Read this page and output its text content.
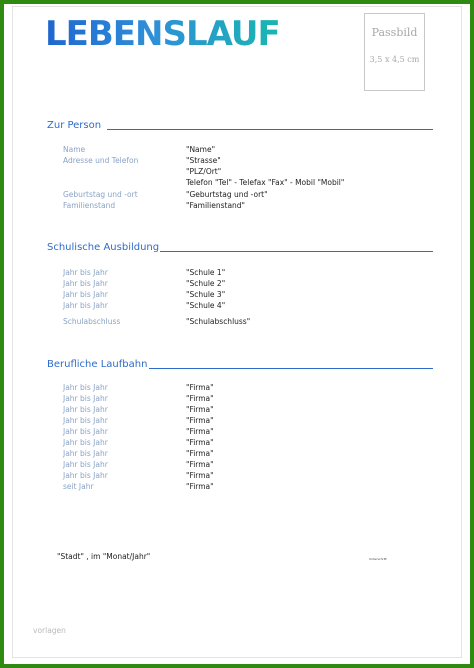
LEBENSLAUF	Passbild
3,5 x 4,5 cm
Zur Person
Name	"Name"
Adresse und Telefon	"Strasse"
"PLZ/Ort"
Telefon "Tel" - Telefax "Fax" - Mobil "Mobil"
Geburtstag und -ort	"Geburtstag und -ort"
Familienstand	"Familienstand"
Schulische Ausbildung
Jahr bis Jahr	"Schule 1"
Jahr bis Jahr	"Schule 2"
Jahr bis Jahr	"Schule 3"
Jahr bis Jahr	"Schule 4"
Schulabschluss	"Schulabschluss"
Berufliche Laufbahn
Jahr bis Jahr	"Firma"
Jahr bis Jahr	"Firma"
Jahr bis Jahr	"Firma"
Jahr bis Jahr	"Firma"
Jahr bis Jahr	"Firma"
Jahr bis Jahr	"Firma"
Jahr bis Jahr	"Firma"
Jahr bis Jahr	"Firma"
Jahr bis Jahr	"Firma"
seit Jahr	"Firma"
"Stadt" , im "Monat/Jahr"	Unterschrift
vorlagen
